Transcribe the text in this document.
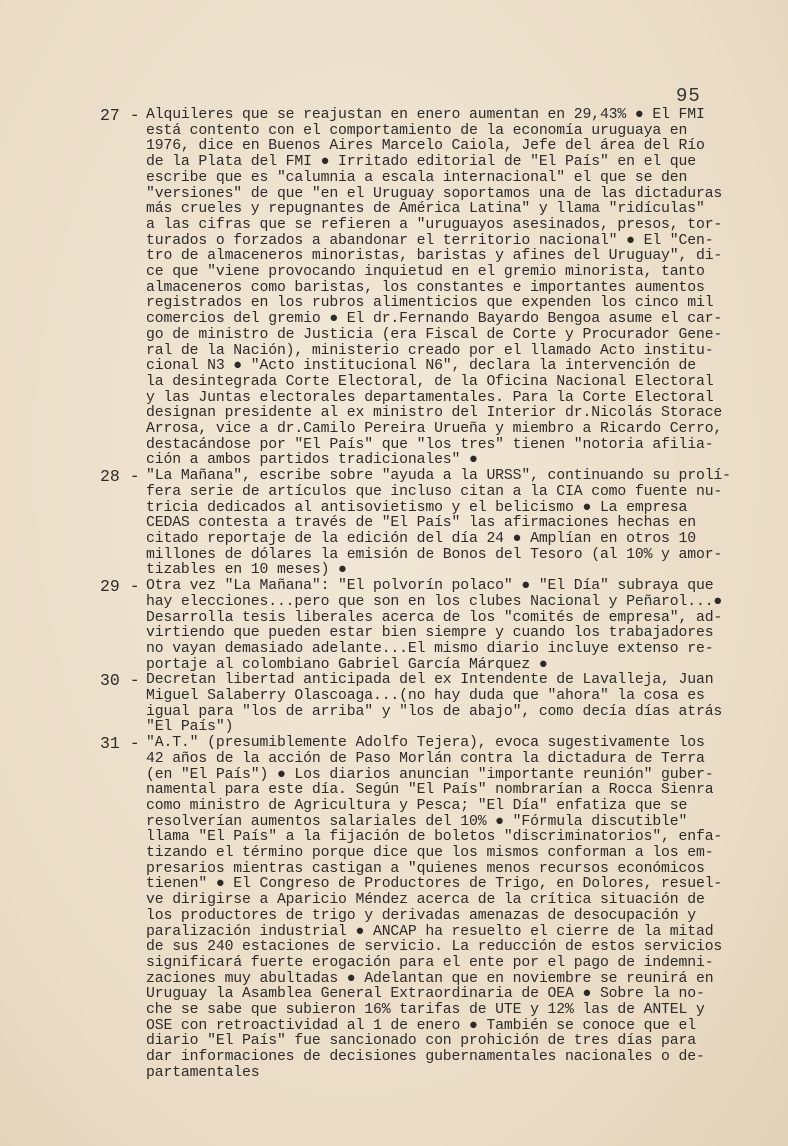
95
27 - Alquileres que se reajustan en enero aumentan en 29,43% ● El FMI
está contento con el comportamiento de la economía uruguaya en
1976, dice en Buenos Aires Marcelo Caiola, Jefe del área del Río
de la Plata del FMI ● Irritado editorial de "El País" en el que
escribe que es "calumnia a escala internacional" el que se den
"versiones" de que "en el Uruguay soportamos una de las dictaduras
más crueles y repugnantes de América Latina" y llama "ridículas"
a las cifras que se refieren a "uruguayos asesinados, presos, tor-
turados o forzados a abandonar el territorio nacional" ● El "Cen-
tro de almaceneros minoristas, baristas y afines del Uruguay", di-
ce que "viene provocando inquietud en el gremio minorista, tanto
almaceneros como baristas, los constantes e importantes aumentos
registrados en los rubros alimenticios que expenden los cinco mil
comercios del gremio ● El dr.Fernando Bayardo Bengoa asume el car-
go de ministro de Justicia (era Fiscal de Corte y Procurador Gene-
ral de la Nación), ministerio creado por el llamado Acto institu-
cional N3 ● "Acto institucional N6", declara la intervención de
la desintegrada Corte Electoral, de la Oficina Nacional Electoral
y las Juntas electorales departamentales. Para la Corte Electoral
designan presidente al ex ministro del Interior dr.Nicolás Storace
Arrosa, vice a dr.Camilo Pereira Urueña y miembro a Ricardo Cerro,
destacándose por "El País" que "los tres" tienen "notoria afilia-
ción a ambos partidos tradicionales" ●
28 - "La Mañana", escribe sobre "ayuda a la URSS", continuando su prolí-
fera serie de artículos que incluso citan a la CIA como fuente nu-
tricia dedicados al antisovietismo y el belicismo ● La empresa
CEDAS contesta a través de "El País" las afirmaciones hechas en
citado reportaje de la edición del día 24 ● Amplían en otros 10
millones de dólares la emisión de Bonos del Tesoro (al 10% y amor-
tizables en 10 meses) ●
29 - Otra vez "La Mañana": "El polvorín polaco" ● "El Día" subraya que
hay elecciones...pero que son en los clubes Nacional y Peñarol...●
Desarrolla tesis liberales acerca de los "comités de empresa", ad-
virtiendo que pueden estar bien siempre y cuando los trabajadores
no vayan demasiado adelante...El mismo diario incluye extenso re-
portaje al colombiano Gabriel García Márquez ●
30 - Decretan libertad anticipada del ex Intendente de Lavalleja, Juan
Miguel Salaberry Olascoaga...(no hay duda que "ahora" la cosa es
igual para "los de arriba" y "los de abajo", como decía días atrás
"El País")
31 - "A.T." (presumiblemente Adolfo Tejera), evoca sugestivamente los
42 años de la acción de Paso Morlán contra la dictadura de Terra
(en "El País") ● Los diarios anuncian "importante reunión" guber-
namental para este día. Según "El País" nombrarían a Rocca Sienra
como ministro de Agricultura y Pesca; "El Día" enfatiza que se
resolverían aumentos salariales del 10% ● "Fórmula discutible"
llama "El País" a la fijación de boletos "discriminatorios", enfa-
tizando el término porque dice que los mismos conforman a los em-
presarios mientras castigan a "quienes menos recursos económicos
tienen" ● El Congreso de Productores de Trigo, en Dolores, resuel-
ve dirigirse a Aparicio Méndez acerca de la crítica situación de
los productores de trigo y derivadas amenazas de desocupación y
paralización industrial ● ANCAP ha resuelto el cierre de la mitad
de sus 240 estaciones de servicio. La reducción de estos servicios
significará fuerte erogación para el ente por el pago de indemni-
zaciones muy abultadas ● Adelantan que en noviembre se reunirá en
Uruguay la Asamblea General Extraordinaria de OEA ● Sobre la no-
che se sabe que subieron 16% tarifas de UTE y 12% las de ANTEL y
OSE con retroactividad al 1 de enero ● También se conoce que el
diario "El País" fue sancionado con prohición de tres días para
dar informaciones de decisiones gubernamentales nacionales o de-
partamentales
